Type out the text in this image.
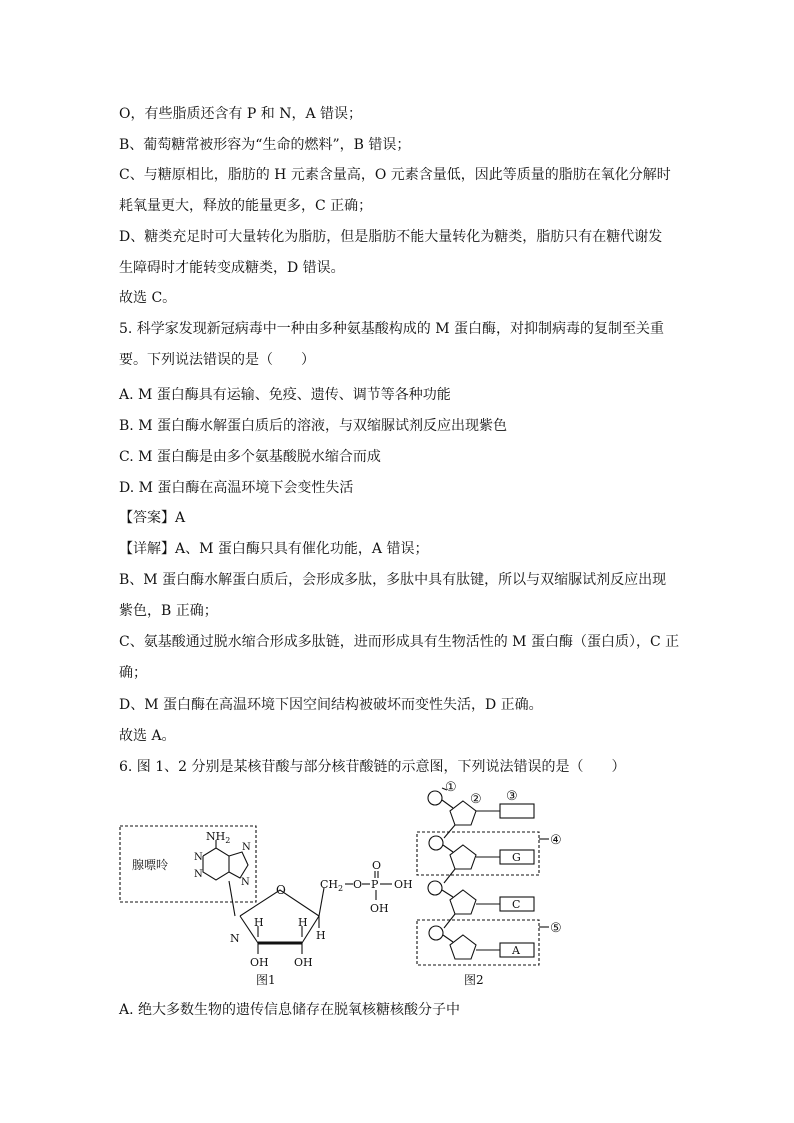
O，有些脂质还含有 P 和 N，A 错误；
B、葡萄糖常被形容为“生命的燃料”，B 错误；
C、与糖原相比，脂肪的 H 元素含量高，O 元素含量低，因此等质量的脂肪在氧化分解时
耗氧量更大，释放的能量更多，C 正确；
D、糖类充足时可大量转化为脂肪，但是脂肪不能大量转化为糖类，脂肪只有在糖代谢发
生障碍时才能转变成糖类，D 错误。
故选 C。
5. 科学家发现新冠病毒中一种由多种氨基酸构成的 M 蛋白酶，对抑制病毒的复制至关重
要。下列说法错误的是（　　）
A. M 蛋白酶具有运输、免疫、遗传、调节等各种功能
B. M 蛋白酶水解蛋白质后的溶液，与双缩脲试剂反应出现紫色
C. M 蛋白酶是由多个氨基酸脱水缩合而成
D. M 蛋白酶在高温环境下会变性失活
【答案】A
【详解】A、M 蛋白酶只具有催化功能，A 错误；
B、M 蛋白酶水解蛋白质后，会形成多肽，多肽中具有肽键，所以与双缩脲试剂反应出现
紫色，B 正确；
C、氨基酸通过脱水缩合形成多肽链，进而形成具有生物活性的 M 蛋白酶（蛋白质），C 正
确；
D、M 蛋白酶在高温环境下因空间结构被破坏而变性失活，D 正确。
故选 A。
6. 图 1、2 分别是某核苷酸与部分核苷酸链的示意图，下列说法错误的是（　　）
腺嘌呤
$NH_2$
N
N
N
N
N
O
H	H
H
OH OH
$CH_2$ O P
O
OH
OH
图1
①
② ③
④
⑤
G
C
A
图2
A. 绝大多数生物的遗传信息储存在脱氧核糖核酸分子中
